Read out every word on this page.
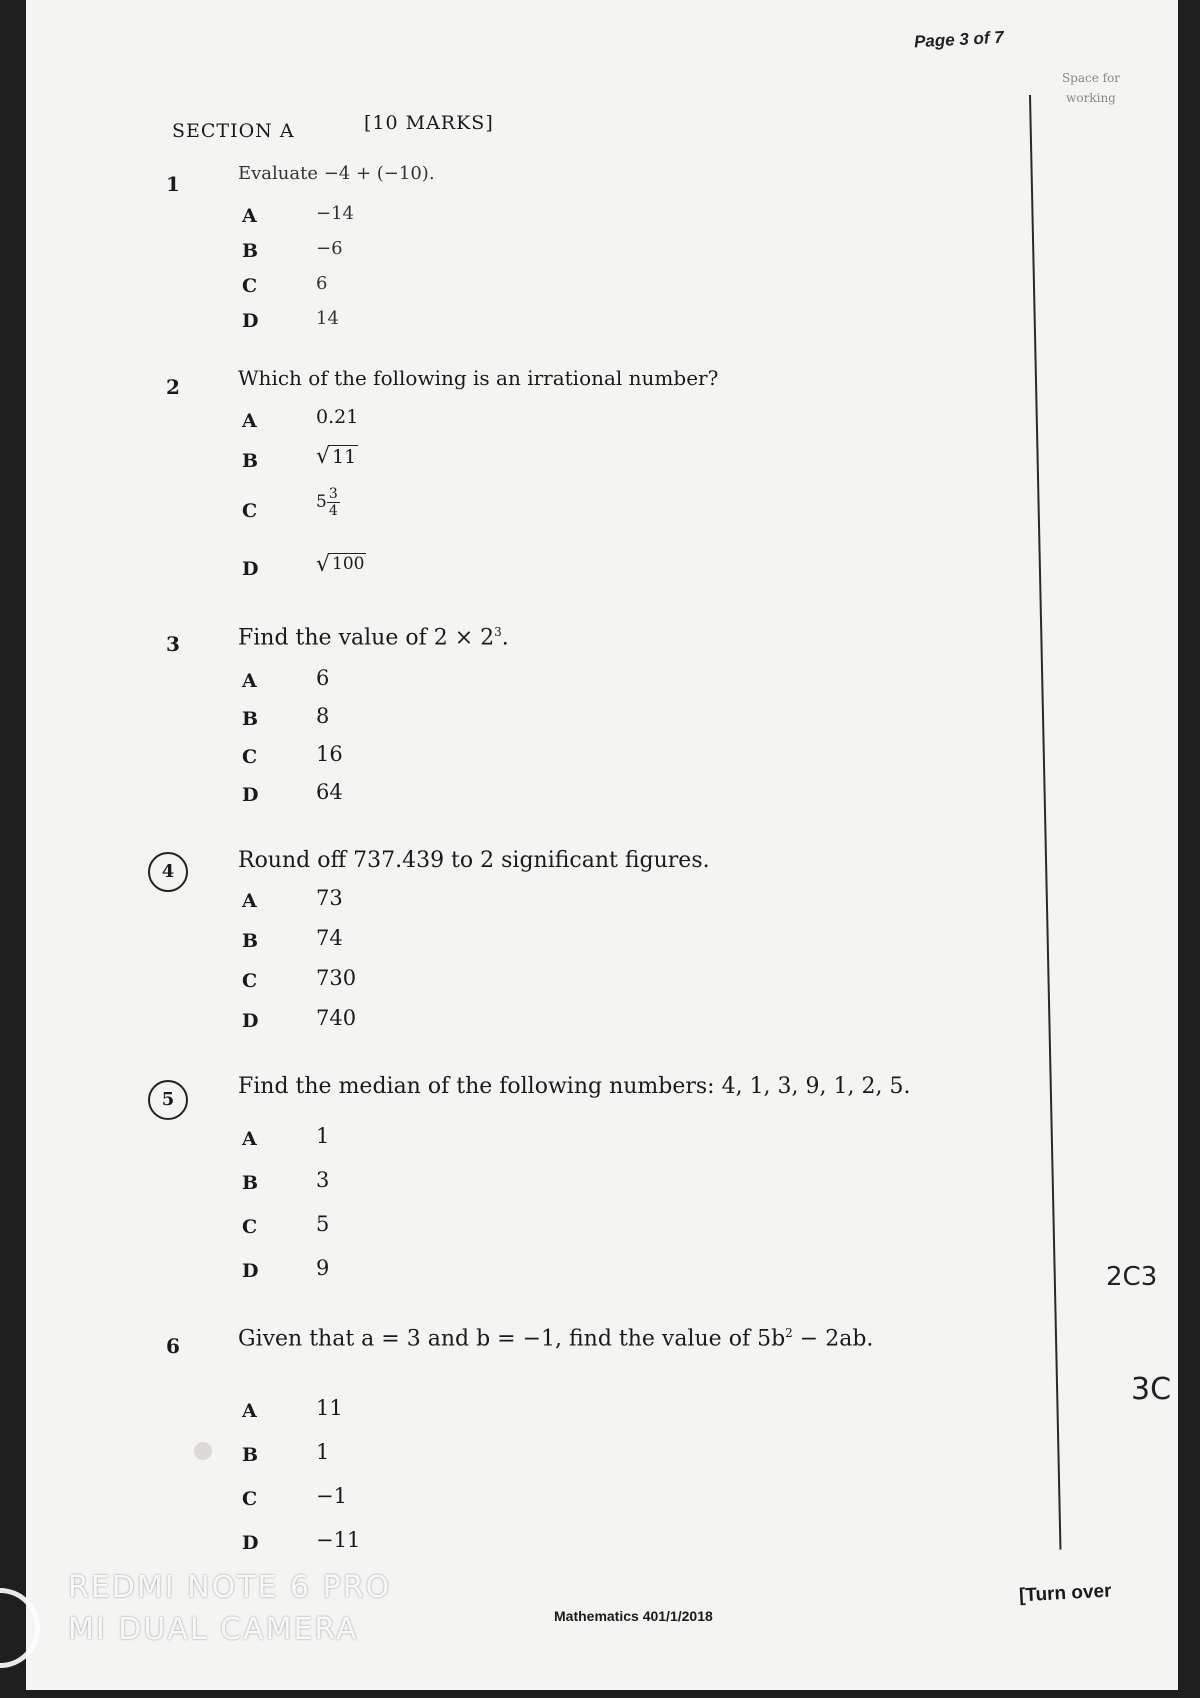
Page 3 of 7
Space for working
SECTION A	[10 MARKS]
1	Evaluate −4 + (−10).
A	−14
B	−6
C	6
D	14
2	Which of the following is an irrational number?
A	0.21
B	√ 11
C	$5 \frac{3}{4}$
D	√ 100
3	Find the value of $2 \times 2^3$.
A	6
B	8
C	16
D	64
4	Round off 737.439 to 2 significant figures.
A	73
B	74
C	730
D	740
5
Find the median of the following numbers: 4, 1, 3, 9, 1, 2, 5.
A	1
B	3
C	5
D	9
6	Given that a = 3 and b = −1, find the value of $5b^2 - 2ab$.
A	11
B	1
C	−1
D	−11
2C3
3C
Mathematics 401/1/2018
[Turn over
REDMI NOTE 6 PRO
MI DUAL CAMERA
